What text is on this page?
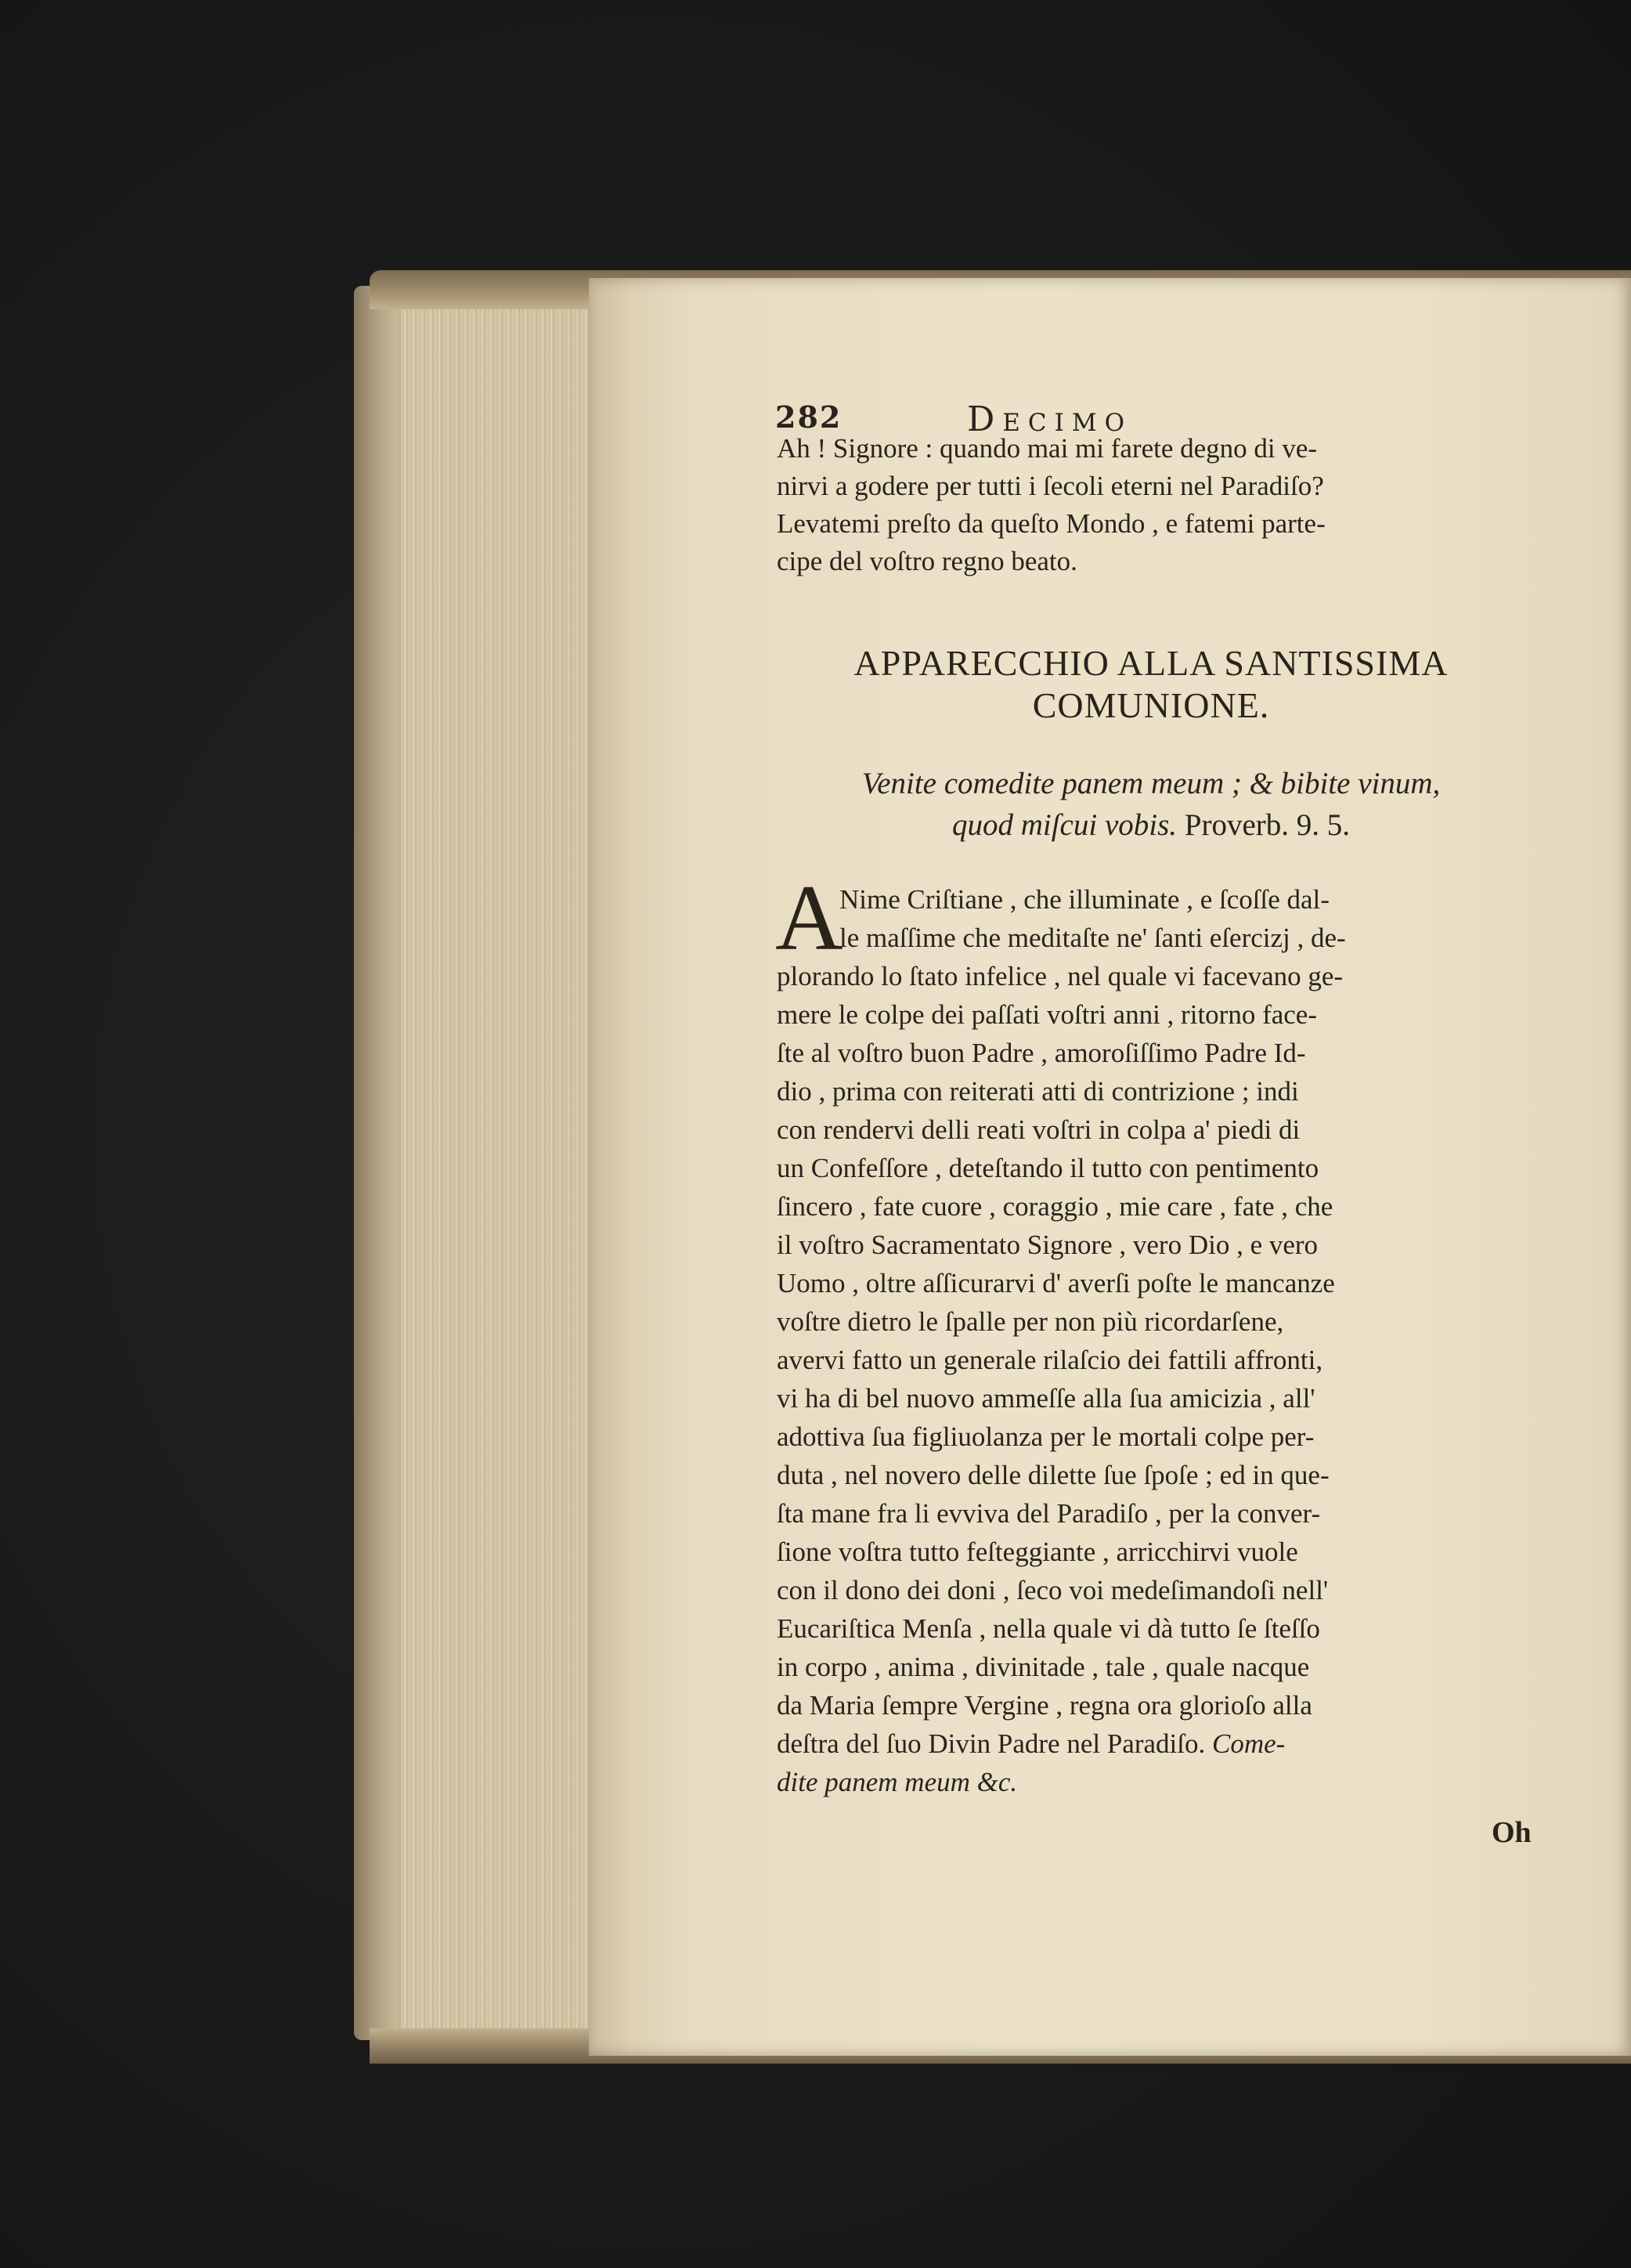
282	Decimo
Ah ! Signore : quando mai mi farete degno di ve-
nirvi a godere per tutti i ſecoli eterni nel Paradiſo?
Levatemi preſto da queſto Mondo , e fatemi parte-
cipe del voſtro regno beato.
APPARECCHIO ALLA SANTISSIMA
COMUNIONE.
Venite comedite panem meum ; & bibite vinum,
quod miſcui vobis. Proverb. 9. 5.
A
Nime Criſtiane , che illuminate , e ſcoſſe dal-
le maſſime che meditaſte ne' ſanti eſercizj , de-
plorando lo ſtato infelice , nel quale vi facevano ge-
mere le colpe dei paſſati voſtri anni , ritorno face-
ſte al voſtro buon Padre , amoroſiſſimo Padre Id-
dio , prima con reiterati atti di contrizione ; indi
con rendervi delli reati voſtri in colpa a' piedi di
un Confeſſore , deteſtando il tutto con pentimento
ſincero , fate cuore , coraggio , mie care , fate , che
il voſtro Sacramentato Signore , vero Dio , e vero
Uomo , oltre aſſicurarvi d' averſi poſte le mancanze
voſtre dietro le ſpalle per non più ricordarſene,
avervi fatto un generale rilaſcio dei fattili affronti,
vi ha di bel nuovo ammeſſe alla ſua amicizia , all'
adottiva ſua figliuolanza per le mortali colpe per-
duta , nel novero delle dilette ſue ſpoſe ; ed in que-
ſta mane fra li evviva del Paradiſo , per la conver-
ſione voſtra tutto feſteggiante , arricchirvi vuole
con il dono dei doni , ſeco voi medeſimandoſi nell'
Eucariſtica Menſa , nella quale vi dà tutto ſe ſteſſo
in corpo , anima , divinitade , tale , quale nacque
da Maria ſempre Vergine , regna ora glorioſo alla
deſtra del ſuo Divin Padre nel Paradiſo. Come-
dite panem meum &c.
Oh
